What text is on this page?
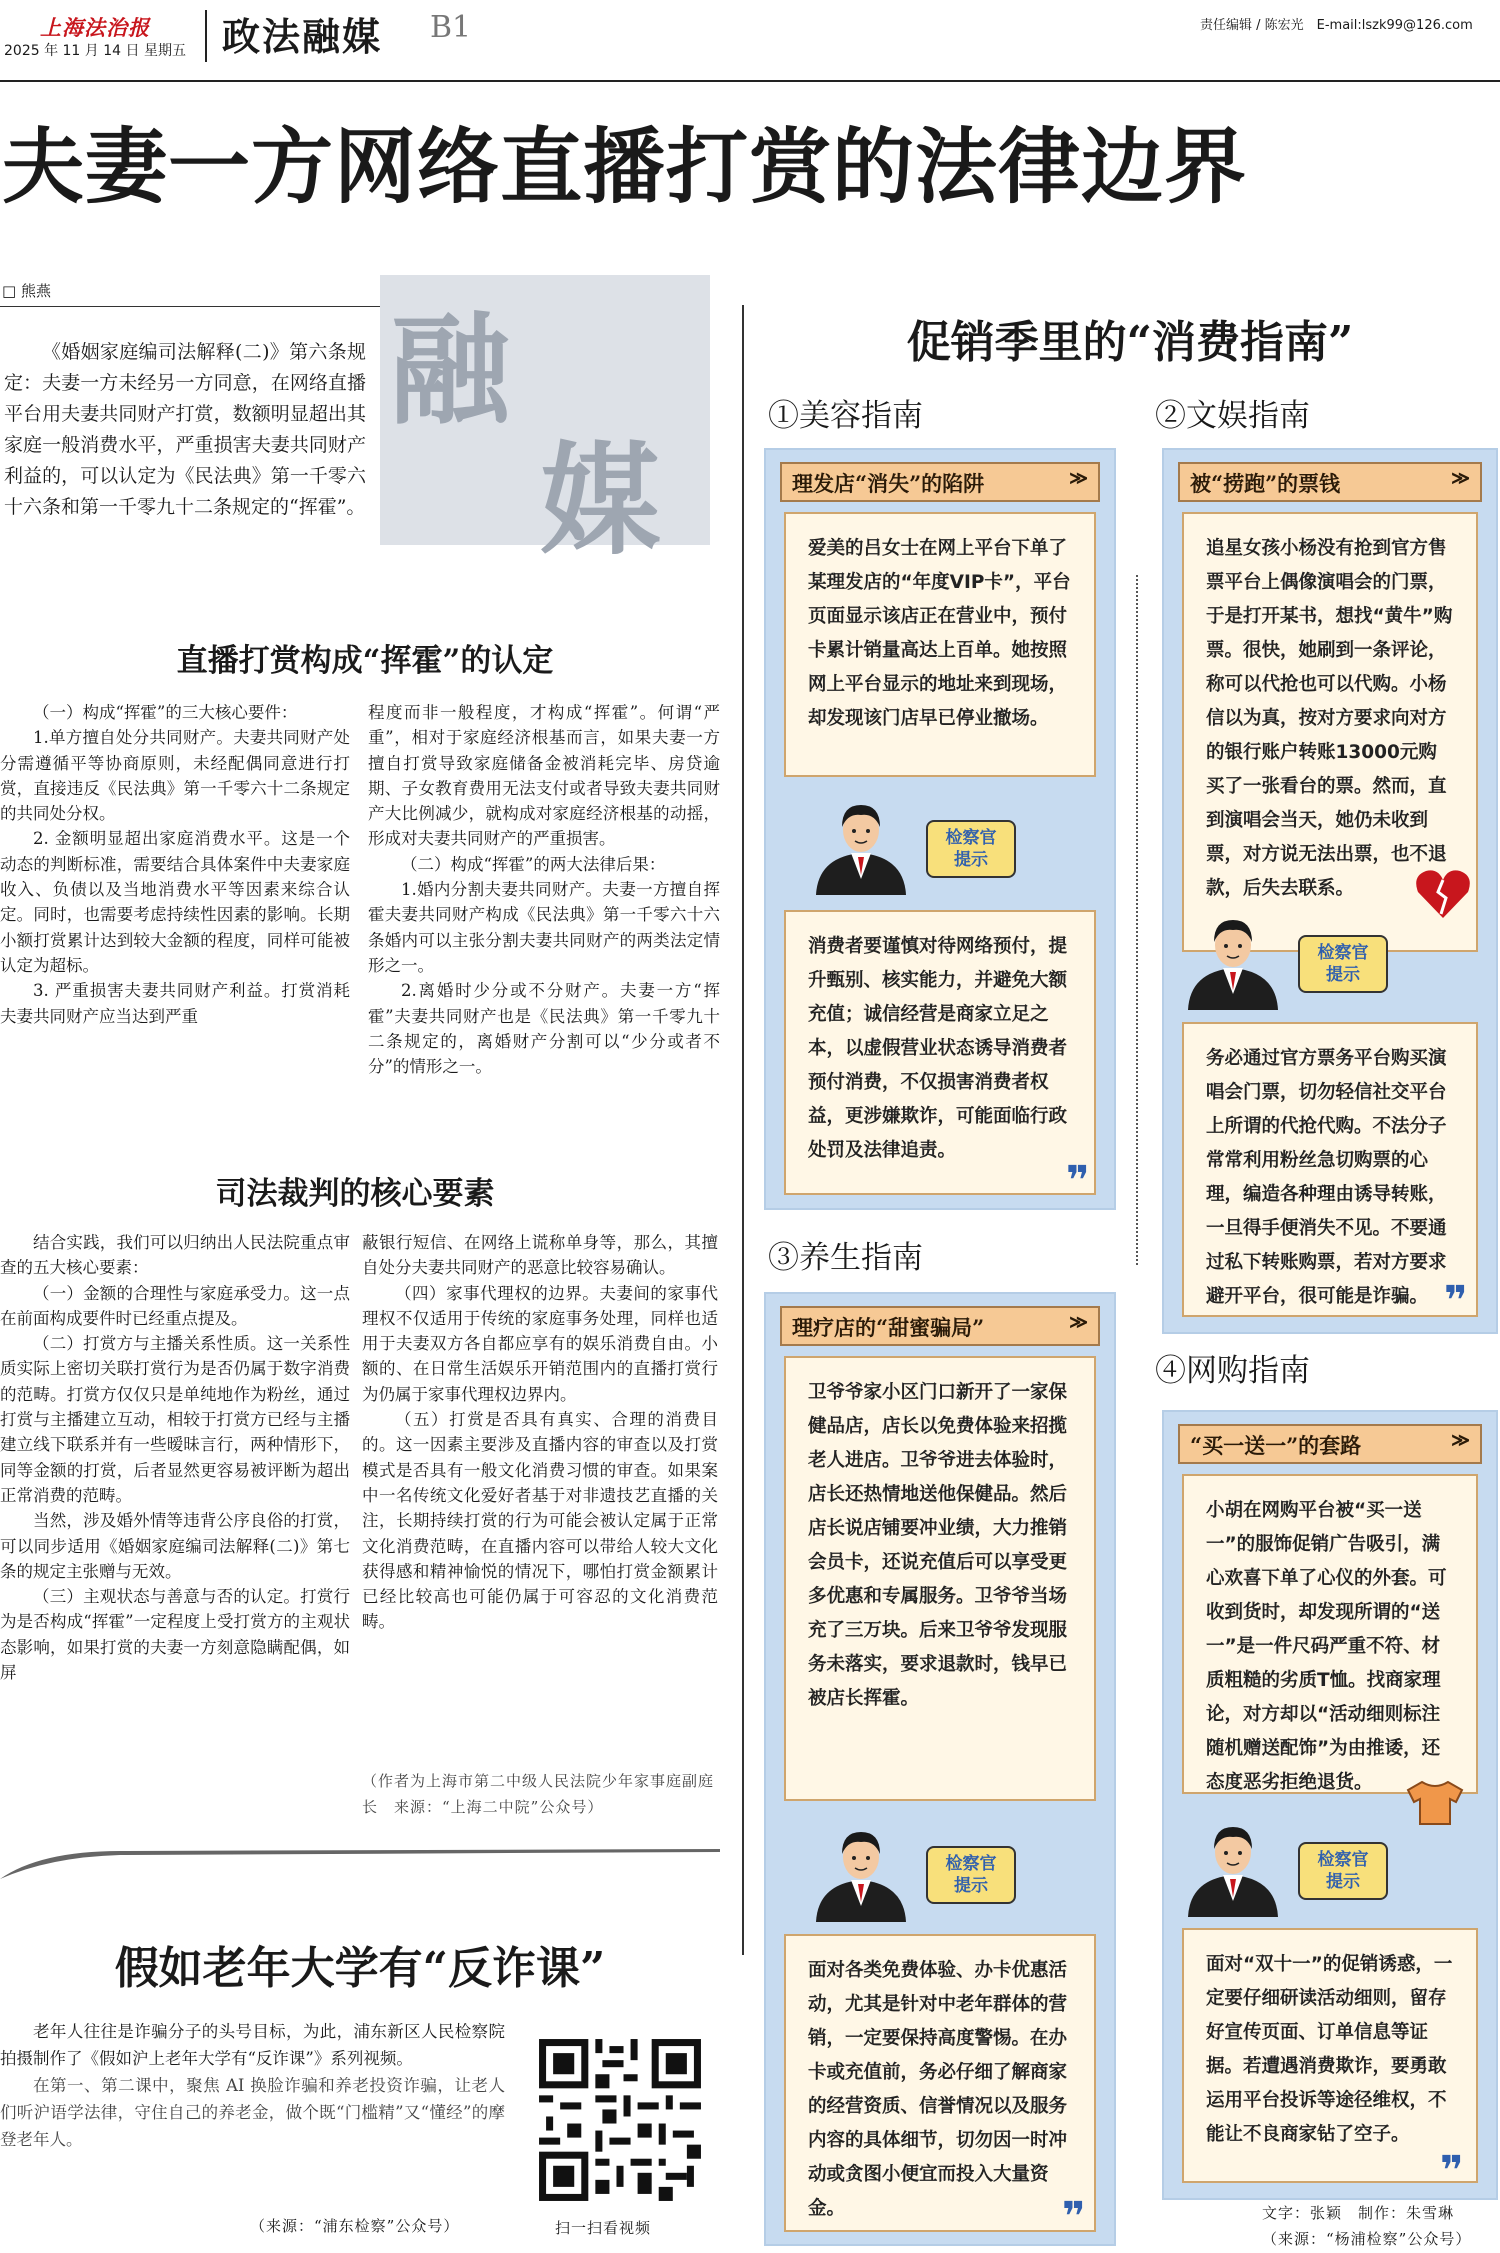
上海法治报
2025 年 11 月 14 日 星期五 政法融媒 B1	责任编辑 / 陈宏光　E-mail:lszk99@126.com
夫妻一方网络直播打赏的法律边界
□ 熊燕
融
媒
《婚姻家庭编司法解释(二)》第六条规定：夫妻一方未经另一方同意，在网络直播平台用夫妻共同财产打赏，数额明显超出其家庭一般消费水平，严重损害夫妻共同财产利益的，可以认定为《民法典》第一千零六十六条和第一千零九十二条规定的“挥霍”。
直播打赏构成“挥霍”的认定
（一）构成“挥霍”的三大核心要件：
1.单方擅自处分共同财产。夫妻共同财产处分需遵循平等协商原则，未经配偶同意进行打赏，直接违反《民法典》第一千零六十二条规定的共同处分权。
2. 金额明显超出家庭消费水平。这是一个动态的判断标准，需要结合具体案件中夫妻家庭收入、负债以及当地消费水平等因素来综合认定。同时，也需要考虑持续性因素的影响。长期小额打赏累计达到较大金额的程度，同样可能被认定为超标。
3. 严重损害夫妻共同财产利益。打赏消耗夫妻共同财产应当达到严重
程度而非一般程度，才构成“挥霍”。何谓“严重”，相对于家庭经济根基而言，如果夫妻一方擅自打赏导致家庭储备金被消耗完毕、房贷逾期、子女教育费用无法支付或者导致夫妻共同财产大比例减少，就构成对家庭经济根基的动摇，形成对夫妻共同财产的严重损害。
（二）构成“挥霍”的两大法律后果：
1.婚内分割夫妻共同财产。夫妻一方擅自挥霍夫妻共同财产构成《民法典》第一千零六十六条婚内可以主张分割夫妻共同财产的两类法定情形之一。
2.离婚时少分或不分财产。夫妻一方“挥霍”夫妻共同财产也是《民法典》第一千零九十二条规定的，离婚财产分割可以“少分或者不分”的情形之一。
司法裁判的核心要素
结合实践，我们可以归纳出人民法院重点审查的五大核心要素：
（一）金额的合理性与家庭承受力。这一点在前面构成要件时已经重点提及。
（二）打赏方与主播关系性质。这一关系性质实际上密切关联打赏行为是否仍属于数字消费的范畴。打赏方仅仅只是单纯地作为粉丝，通过打赏与主播建立互动，相较于打赏方已经与主播建立线下联系并有一些暧昧言行，两种情形下，同等金额的打赏，后者显然更容易被评断为超出正常消费的范畴。
当然，涉及婚外情等违背公序良俗的打赏，可以同步适用《婚姻家庭编司法解释(二)》第七条的规定主张赠与无效。
（三）主观状态与善意与否的认定。打赏行为是否构成“挥霍”一定程度上受打赏方的主观状态影响，如果打赏的夫妻一方刻意隐瞒配偶，如屏
蔽银行短信、在网络上谎称单身等，那么，其擅自处分夫妻共同财产的恶意比较容易确认。
（四）家事代理权的边界。夫妻间的家事代理权不仅适用于传统的家庭事务处理，同样也适用于夫妻双方各自都应享有的娱乐消费自由。小额的、在日常生活娱乐开销范围内的直播打赏行为仍属于家事代理权边界内。
（五）打赏是否具有真实、合理的消费目的。这一因素主要涉及直播内容的审查以及打赏模式是否具有一般文化消费习惯的审查。如果案中一名传统文化爱好者基于对非遗技艺直播的关注，长期持续打赏的行为可能会被认定属于正常文化消费范畴，在直播内容可以带给人较大文化获得感和精神愉悦的情况下，哪怕打赏金额累计已经比较高也可能仍属于可容忍的文化消费范畴。
（作者为上海市第二中级人民法院少年家事庭副庭长　来源：“上海二中院”公众号）
假如老年大学有“反诈课”
老年人往往是诈骗分子的头号目标，为此，浦东新区人民检察院拍摄制作了《假如沪上老年大学有“反诈课”》系列视频。
在第一、第二课中，聚焦 AI 换脸诈骗和养老投资诈骗，让老人们听沪语学法律，守住自己的养老金，做个既“门槛精”又“懂经”的摩登老年人。
（来源：“浦东检察”公众号）	扫一扫看视频
促销季里的“消费指南”
①美容指南
理发店“消失”的陷阱	≫
爱美的吕女士在网上平台下单了某理发店的“年度VIP卡”，平台页面显示该店正在营业中，预付卡累计销量高达上百单。她按照网上平台显示的地址来到现场，却发现该门店早已停业撤场。
检察官
提示
消费者要谨慎对待网络预付，提升甄别、核实能力，并避免大额充值；诚信经营是商家立足之本，以虚假营业状态诱导消费者预付消费，不仅损害消费者权益，更涉嫌欺诈，可能面临行政处罚及法律追责。
❞
②文娱指南
被“捞跑”的票钱	≫
追星女孩小杨没有抢到官方售票平台上偶像演唱会的门票，于是打开某书，想找“黄牛”购票。很快，她刷到一条评论，称可以代抢也可以代购。小杨信以为真，按对方要求向对方的银行账户转账13000元购买了一张看台的票。然而，直到演唱会当天，她仍未收到票，对方说无法出票，也不退款，后失去联系。
检察官
提示
务必通过官方票务平台购买演唱会门票，切勿轻信社交平台上所谓的代抢代购。不法分子常常利用粉丝急切购票的心理，编造各种理由诱导转账，一旦得手便消失不见。不要通过私下转账购票，若对方要求避开平台，很可能是诈骗。 ❞
③养生指南
理疗店的“甜蜜骗局”	≫
卫爷爷家小区门口新开了一家保健品店，店长以免费体验来招揽老人进店。卫爷爷进去体验时，店长还热情地送他保健品。然后店长说店铺要冲业绩，大力推销会员卡，还说充值后可以享受更多优惠和专属服务。卫爷爷当场充了三万块。后来卫爷爷发现服务未落实，要求退款时，钱早已被店长挥霍。
检察官
提示
面对各类免费体验、办卡优惠活动，尤其是针对中老年群体的营销，一定要保持高度警惕。在办卡或充值前，务必仔细了解商家的经营资质、信誉情况以及服务内容的具体细节，切勿因一时冲动或贪图小便宜而投入大量资金。	❞
④网购指南
“买一送一”的套路	≫
小胡在网购平台被“买一送一”的服饰促销广告吸引，满心欢喜下单了心仪的外套。可收到货时，却发现所谓的“送一”是一件尺码严重不符、材质粗糙的劣质T恤。找商家理论，对方却以“活动细则标注随机赠送配饰”为由推诿，还态度恶劣拒绝退货。
检察官
提示
面对“双十一”的促销诱惑，一定要仔细研读活动细则，留存好宣传页面、订单信息等证据。若遭遇消费欺诈，要勇敢运用平台投诉等途径维权，不能让不良商家钻了空子。
❞
文字：张颖　制作：朱雪琳
（来源：“杨浦检察”公众号）
